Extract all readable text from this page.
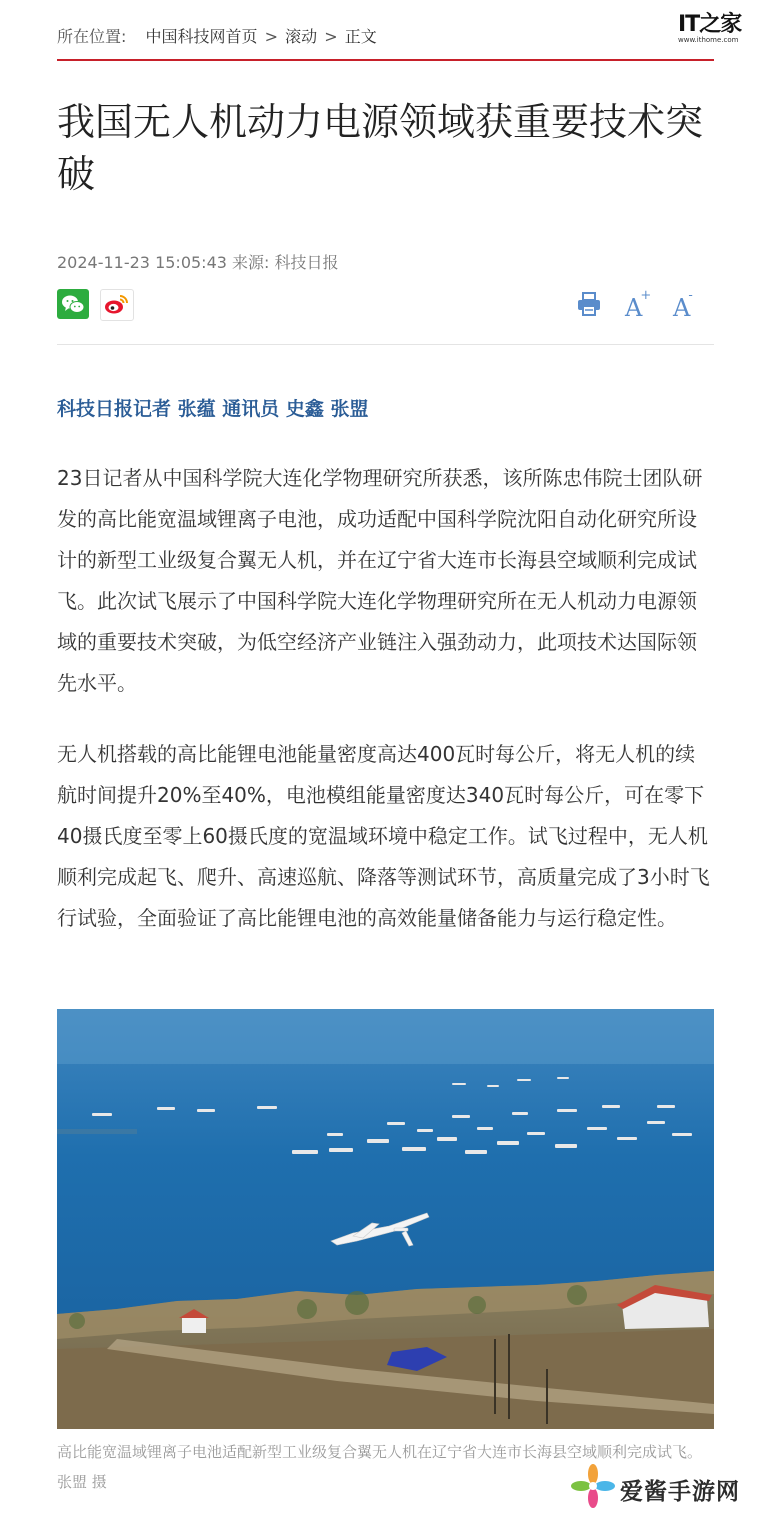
所在位置: 中国科技网首页 > 滚动 > 正文	IT之家
www.ithome.com
我国无人机动力电源领域获重要技术突破
2024-11-23 15:05:43 来源: 科技日报
A+ A-
科技日报记者 张蕴 通讯员 史鑫 张盟

23日记者从中国科学院大连化学物理研究所获悉，该所陈忠伟院士团队研发的高比能宽温域锂离子电池，成功适配中国科学院沈阳自动化研究所设计的新型工业级复合翼无人机，并在辽宁省大连市长海县空域顺利完成试飞。此次试飞展示了中国科学院大连化学物理研究所在无人机动力电源领域的重要技术突破，为低空经济产业链注入强劲动力，此项技术达国际领先水平。

无人机搭载的高比能锂电池能量密度高达400瓦时每公斤，将无人机的续航时间提升20%至40%，电池模组能量密度达340瓦时每公斤，可在零下40摄氏度至零上60摄氏度的宽温域环境中稳定工作。试飞过程中，无人机顺利完成起飞、爬升、高速巡航、降落等测试环节，高质量完成了3小时飞行试验，全面验证了高比能锂电池的高效能量储备能力与运行稳定性。

高比能宽温域锂离子电池适配新型工业级复合翼无人机在辽宁省大连市长海县空域顺利完成试飞。张盟 摄	爱酱手游网
